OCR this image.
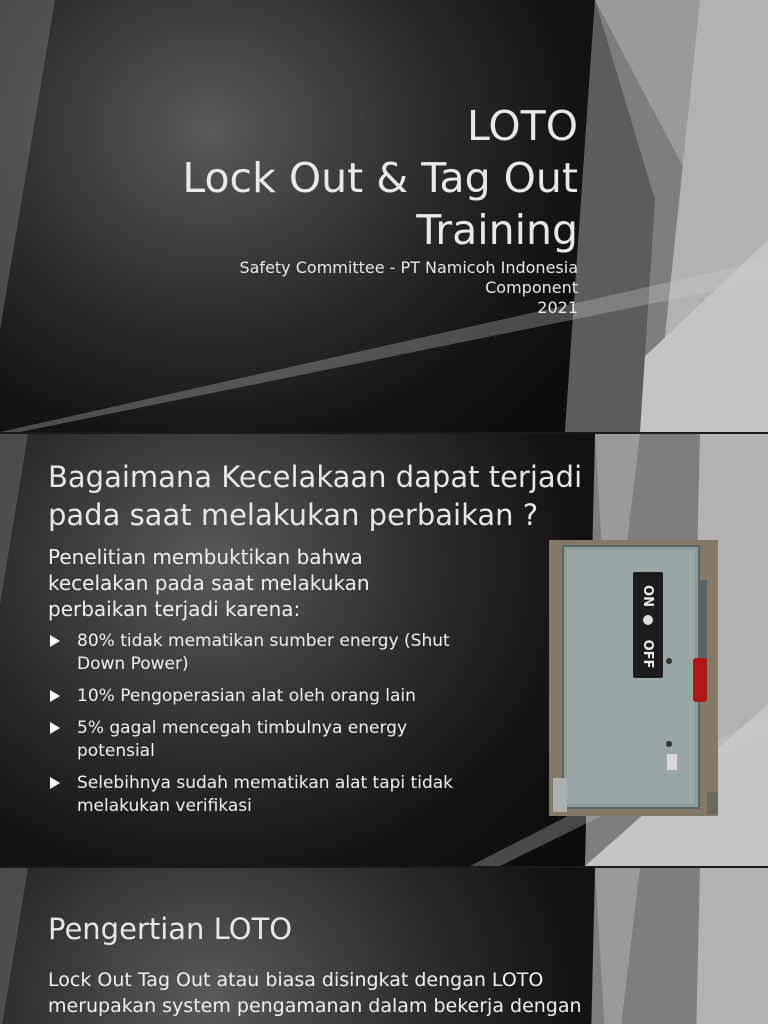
LOTO
Lock Out & Tag Out
Training
Safety Committee - PT Namicoh Indonesia
Component
2021
Bagaimana Kecelakaan dapat terjadi
pada saat melakukan perbaikan ?
Penelitian membuktikan bahwa
kecelakan pada saat melakukan
perbaikan terjadi karena:
80% tidak mematikan sumber energy (Shut
Down Power)
10% Pengoperasian alat oleh orang lain
5% gagal mencegah timbulnya energy
potensial
Selebihnya sudah mematikan alat tapi tidak
melakukan verifikasi
ON
OFF
Pengertian LOTO
Lock Out Tag Out atau biasa disingkat dengan LOTO
merupakan system pengamanan dalam bekerja dengan
